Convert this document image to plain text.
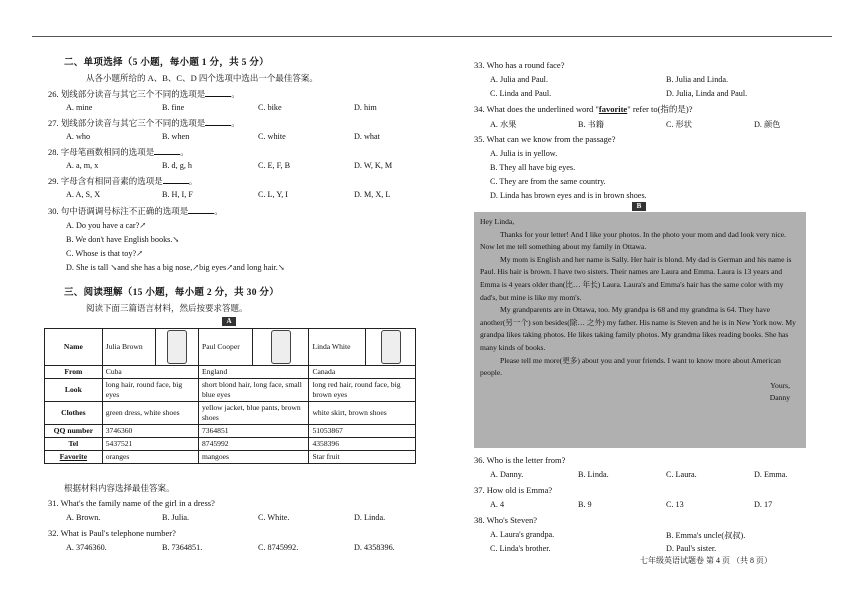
二、单项选择（5 小题，每小题 1 分，共 5 分）
从各小题所给的 A、B、C、D 四个选项中选出一个最佳答案。
26. 划线部分读音与其它三个不同的选项是	。
A. mine	B. fine	C. bike	D. him
27. 划线部分读音与其它三个不同的选项是	。
A. who	B. when	C. white	D. what
28. 字母笔画数相同的选项是	。
A. a, m, x	B. d, g, h	C. E, F, B	D. W, K, M
29. 字母含有相同音素的选项是	。
A. A, S, X	B. H, I, F	C. L, Y, I	D. M, X, L
30. 句中语调调号标注不正确的选项是	。
A. Do you have a car?↗
B. We don't have English books.↘
C. Whose is that toy?↗
D. She is tall ↘and she has a big nose,↗big eyes↗and long hair.↘
三、阅读理解（15 小题，每小题 2 分，共 30 分）
阅读下面三篇语言材料，然后按要求答题。
A
Name	Julia Brown		Paul Cooper		Linda White	
From	Cuba		England		Canada	
Look	long hair, round face, big eyes		short blond hair, long face, small blue eyes		long red hair, round face, big brown eyes	
Clothes	green dress, white shoes		yellow jacket, blue pants, brown shoes		white skirt, brown shoes	
QQ number	3746360		7364851		51053867	
Tel	5437521		8745992		4358396	
Favorite	oranges		mangoes		Star fruit	
根据材料内容选择最佳答案。
31. What's the family name of the girl in a dress?
A. Brown.	B. Julia.	C. White.	D. Linda.
32. What is Paul's telephone number?
A. 3746360.	B. 7364851.	C. 8745992.	D. 4358396.
33. Who has a round face?
A. Julia and Paul.	B. Julia and Linda.
C. Linda and Paul.	D. Julia, Linda and Paul.
34. What does the underlined word "favorite" refer to(指的是)?
A. 水果	B. 书籍	C. 形状	D. 颜色
35. What can we know from the passage?
A. Julia is in yellow.
B. They all have big eyes.
C. They are from the same country.
D. Linda has brown eyes and is in brown shoes.
B

Hey Linda,

Thanks for your letter! And I like your photos. In the photo your mom and dad look very nice. Now let me tell something about my family in Ottawa.

My mom is English and her name is Sally. Her hair is blond. My dad is German and his name is Paul. His hair is brown. I have two sisters. Their names are Laura and Emma. Laura is 13 years and Emma is 4 years older than(比… 年长) Laura. Laura's and Emma's hair has the same color with my dad's, but mine is like my mom's.

My grandparents are in Ottawa, too. My grandpa is 68 and my grandma is 64. They have another(另一个) son besides(除… 之外) my father. His name is Steven and he is in New York now. My grandpa likes taking photos. He likes taking family photos. My grandma likes reading books. She has many kinds of books.

Please tell me more(更多) about you and your friends. I want to know more about American people.

Yours,

Danny

36. Who is the letter from?
A. Danny.	B. Linda.	C. Laura.	D. Emma.
37. How old is Emma?
A. 4	B. 9	C. 13	D. 17
38. Who's Steven?
A. Laura's grandpa.	B. Emma's uncle(叔叔).
C. Linda's brother.	D. Paul's sister.
七年级英语试题卷 第 4 页 （共 8 页）
